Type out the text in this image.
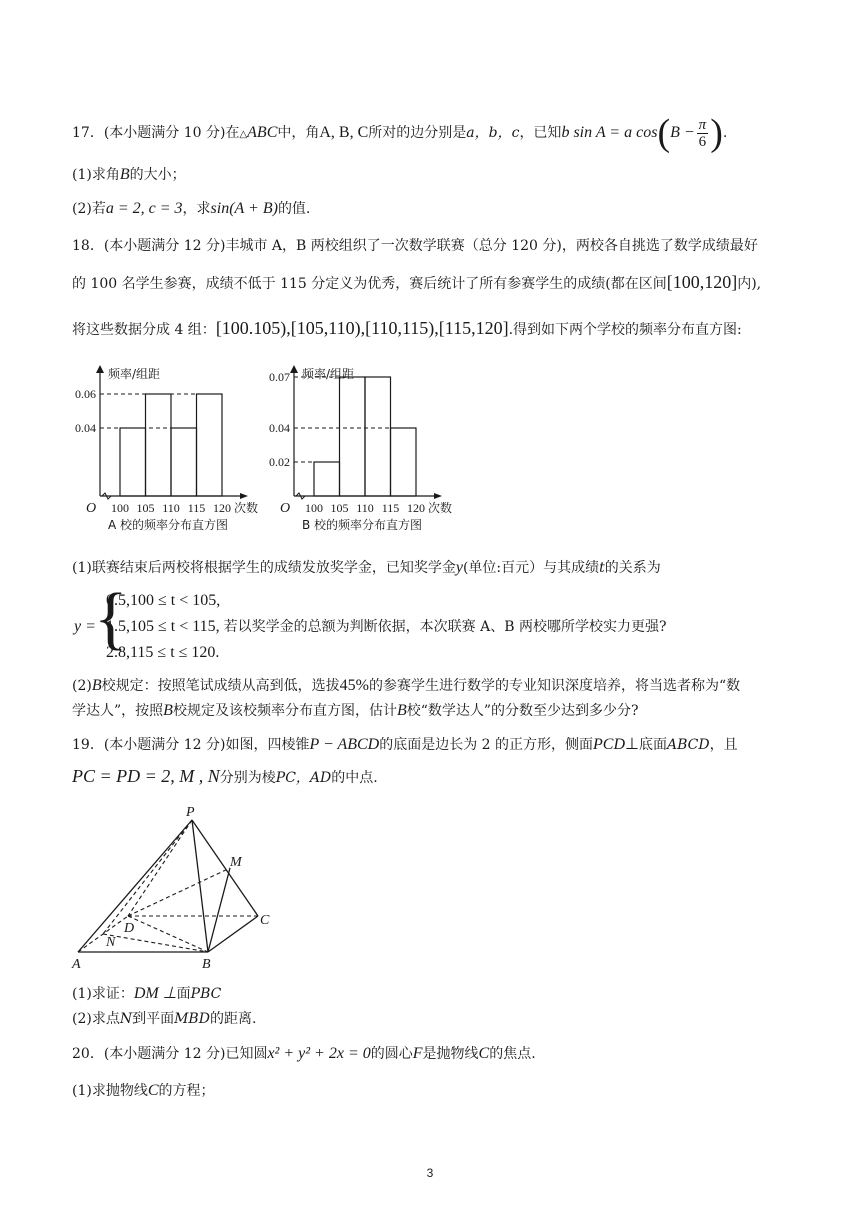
17．(本小题满分 10 分)在△ABC中，角A, B, C所对的边分别是a，b，c，已知b sin A = a $\cos(B - \frac{\pi}{6}$ ).
(1)求角B的大小；
(2)若a = 2, c = 3，求sin(A + B)的值.
18．(本小题满分 12 分)丰城市 A，B 两校组织了一次数学联赛（总分 120 分)，两校各自挑选了数学成绩最好
的 100 名学生参赛，成绩不低于 115 分定义为优秀，赛后统计了所有参赛学生的成绩(都在区间[100,120]内),
将这些数据分成 4 组：[100.105),[105,110),[110,115),[115,120].得到如下两个学校的频率分布直方图:
频率/组距
O
0.06
0.04
100 105 110 115 120 次数
A 校的频率分布直方图
频率/组距
O
0.07
0.04
0.02
100 105 110 115 120 次数
B 校的频率分布直方图
(1)联赛结束后两校将根据学生的成绩发放奖学金，已知奖学金y(单位:百元）与其成绩t的关系为
y =
{
0.5,100 ≤ t < 105,
1.5,105 ≤ t < 115, 若以奖学金的总额为判断依据，本次联赛 A、B 两校哪所学校实力更强?
2.8,115 ≤ t ≤ 120.
(2)B校规定：按照笔试成绩从高到低，选拔45%的参赛学生进行数学的专业知识深度培养，将当选者称为“数
学达人”，按照B校规定及该校频率分布直方图，估计B校“数学达人”的分数至少达到多少分?
19．(本小题满分 12 分)如图，四棱锥P − ABCD的底面是边长为 2 的正方形，侧面PCD⊥底面ABCD，且
PC = PD = 2, M , N分别为棱PC，AD的中点.
P
M
C
D
N
A	B
(1)求证：DM ⊥面PBC
(2)求点N到平面MBD的距离.
20．(本小题满分 12 分)已知圆x² + y² + 2x = 0的圆心F是抛物线C的焦点.
(1)求抛物线C的方程；
3
